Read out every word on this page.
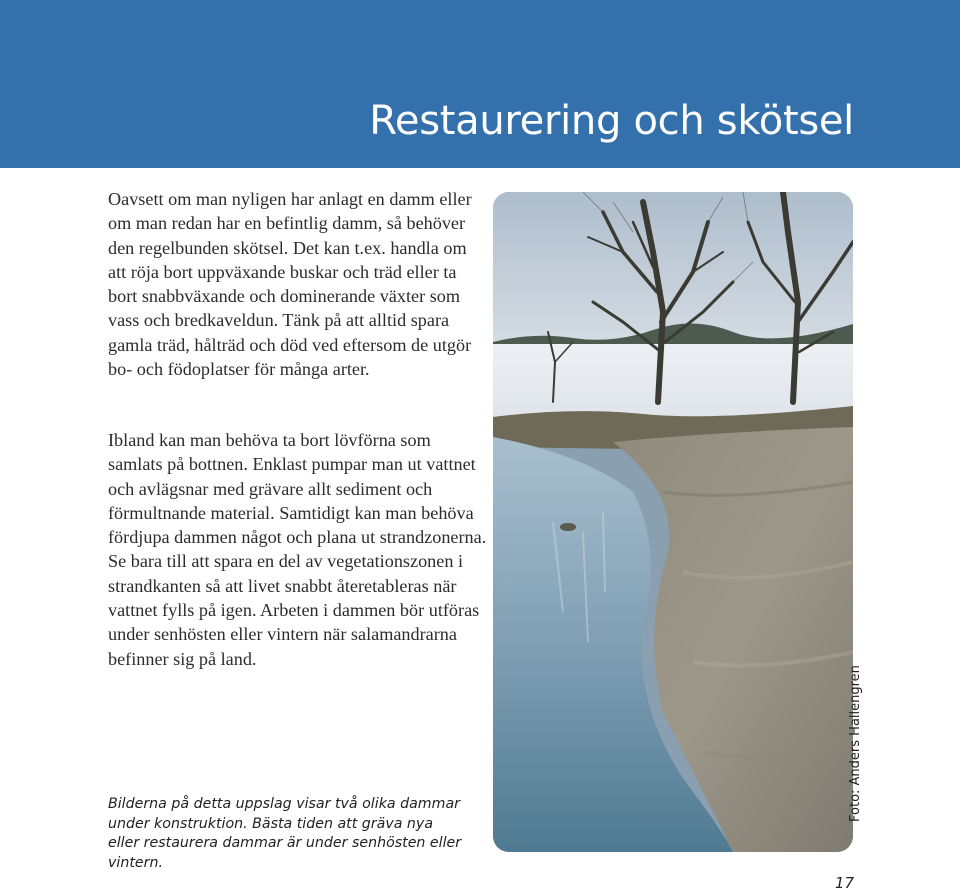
Restaurering och skötsel

Oavsett om man nyligen har anlagt en damm eller om man redan har en befintlig damm, så behöver den regelbunden skötsel. Det kan t.ex. handla om att röja bort uppväxande buskar och träd eller ta bort snabbväxande och dominerande växter som vass och bredkaveldun. Tänk på att alltid spara gamla träd, hålträd och död ved eftersom de utgör bo- och födoplatser för många arter.

Ibland kan man behöva ta bort lövförna som samlats på bottnen. Enklast pumpar man ut vattnet och avlägsnar med grävare allt sediment och förmultnande material. Samtidigt kan man behöva fördjupa dammen något och plana ut strandzonerna. Se bara till att spara en del av vegetationszonen i strandkanten så att livet snabbt återetableras när vattnet fylls på igen. Arbeten i dammen bör utföras under senhösten eller vintern när salamandrarna befinner sig på land.

Bilderna på detta uppslag visar två olika dammar under konstruktion. Bästa tiden att gräva nya eller restaurera dammar är under senhösten eller vintern.

Foto: Anders Hallengren
17
